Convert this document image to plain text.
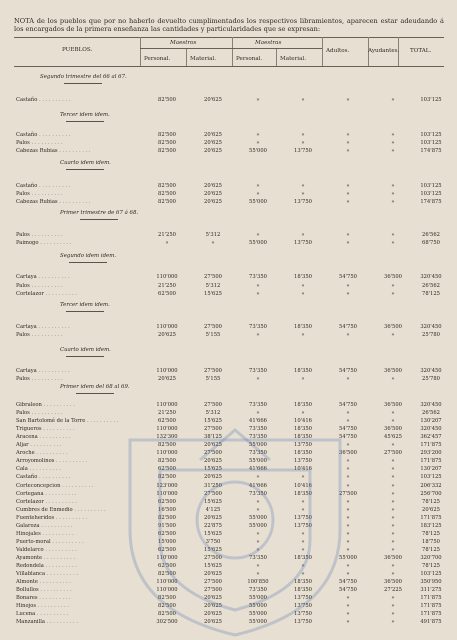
NOTA de los pueblos que por no haberlo devuelto cumplimentados los respectivos libramientos, aparecen estar adeudando á los encargados de la primera enseñanza las cantidades y particularidades que se expresan:
PUEBLOS.
Maestros	Maestras
Personal.	Material.	Personal.	Material.
Adultos.	Ayudantes. TOTAL.
Segundo trimestre del 66 al 67.
Castaño . .	82'500	20'625	»	»	»	»	103'125
Tercer idem idem.
Castaño . .	82'500	20'625	»	»	»	»	103'125
Palos . .	82'500	20'625	»	»	»	»	103'125
Cabezas Rubias . .	82'500	20'625	55'000	13'750	»	»	174'875
Cuarto idem idem.
Castaño . .	82'500	20'625	»	»	»	»	103'125
Palos . .	82'500	20'625	»	»	»	»	103'125
Cabezas Rubias . .	82'500	20'625	55'000	13'750	»	»	174'875
Primer trimestre de 67 á 68.
Palos . .	21'250	5'312	»	»	»	»	26'562
Paimogo . .	»	»	55'000	13'750	»	»	68'750
Segundo idem idem.
Cartaya . .	110'000	27'500	73'350	18'350	54'750	36'500	320'450
Palos . .	21'250	5'312	»	»	»	»	26'562
Cortelazor . .	62'500	15'625	»	»	»	»	78'125
Tercer idem idem.
Cartaya . .	110'000	27'500	73'350	18'350	54'750	36'500	320'450
Palos . .	20'625	5'155	»	»	»	»	25'780
Cuarto idem idem.
Cartaya . .	110'000	27'500	73'350	18'350	54'750	36'500	320'450
Palos . .	20'625	5'155	»	»	»	»	25'780
Primer idem del 68 al 69.
Gibraleon . .	110'000	27'500	73'350	18'350	54'750	36'500	320'450
Palos . .	21'250	5'312	»	»	»	»	26'562
San Bartolomé de la Torre . .	62'500	15'625	41'666	10'416	»	»	130'207
Trigueros . .	110'000	27'500	73'350	18'350	54'750	36'500	320'450
Aracena . .	132'300	38'125	73'350	18'350	54'750	45'625	362'457
Aljar . .	82'500	20'625	55'000	13'750	»	»	171'875
Aroche . .	110'000	27'500	73'350	18'350	36'500	27'500	293'200
Arroyomolinos . .	82'500	20'625	55'000	13'750	»	»	171'875
Cala . .	62'500	15'625	41'666	10'416	»	»	130'207
Castaño . .	82'500	20'625	»	»	»	»	103'125
Corteconcepcion . .	123'000	31'250	41'666	10'416	»	»	206'332
Cortegana . .	110'000	27'500	73'350	18'350	27'500	»	256'700
Cortelazor . .	62'500	15'625	»	»	»	»	78'125
Cumbres de Enmedio . .	16'500	4'125	»	»	»	»	20'625
Fuenteheridos . .	82'500	20'625	55'000	13'750	»	»	171'875
Galaroza . .	91'500	22'875	55'000	13'750	»	»	183'125
Hinojales . .	62'500	15'625	»	»	»	»	78'125
Puerto-moral . .	15'000	3'750	»	»	»	»	18'750
Valdelarco . .	62'500	15'625	»	»	»	»	78'125
Ayamonte . .	110'000	27'500	73'350	18'350	55'000	36'500	320'700
Redondela . .	62'500	15'625	»	»	»	»	78'125
Villablanca . .	82'500	20'625	»	»	»	»	103'125
Almonte . .	110'000	27'500	100'850	18'350	54'750	36'500	350'950
Bollullos . .	110'000	27'500	73'350	18'350	54'750	27'225	311'275
Bonares . .	82'500	20'625	55'000	13'750	»	»	171'875
Hinojos . .	82'500	20'625	55'000	13'750	»	»	171'875
Lucena . .	82'500	20'625	55'000	13'750	»	»	171'875
Manzanilla . .	302'500	20'625	55'000	13'750	»	»	491'875
